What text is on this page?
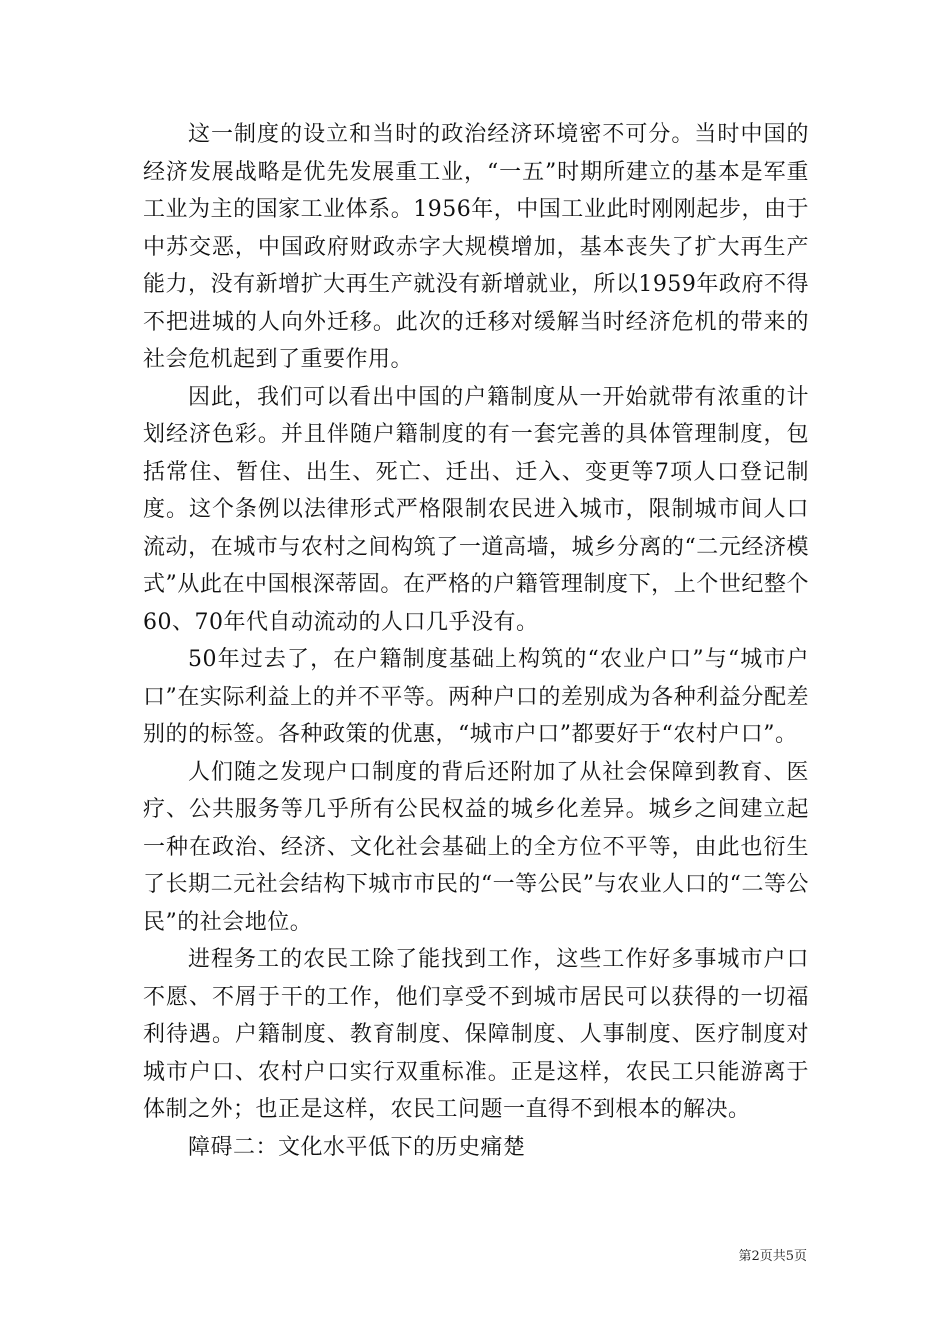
这一制度的设立和当时的政治经济环境密不可分。当时中国的经济发展战略是优先发展重工业，“一五”时期所建立的基本是军重工业为主的国家工业体系。1956年，中国工业此时刚刚起步，由于中苏交恶，中国政府财政赤字大规模增加，基本丧失了扩大再生产能力，没有新增扩大再生产就没有新增就业，所以1959年政府不得不把进城的人向外迁移。此次的迁移对缓解当时经济危机的带来的社会危机起到了重要作用。

因此，我们可以看出中国的户籍制度从一开始就带有浓重的计划经济色彩。并且伴随户籍制度的有一套完善的具体管理制度，包括常住、暂住、出生、死亡、迁出、迁入、变更等7项人口登记制度。这个条例以法律形式严格限制农民进入城市，限制城市间人口流动，在城市与农村之间构筑了一道高墙，城乡分离的“二元经济模式”从此在中国根深蒂固。在严格的户籍管理制度下，上个世纪整个60、70年代自动流动的人口几乎没有。

50年过去了，在户籍制度基础上构筑的“农业户口”与“城市户口”在实际利益上的并不平等。两种户口的差别成为各种利益分配差别的的标签。各种政策的优惠，“城市户口”都要好于“农村户口”。

人们随之发现户口制度的背后还附加了从社会保障到教育、医疗、公共服务等几乎所有公民权益的城乡化差异。城乡之间建立起一种在政治、经济、文化社会基础上的全方位不平等，由此也衍生了长期二元社会结构下城市市民的“一等公民”与农业人口的“二等公民”的社会地位。

进程务工的农民工除了能找到工作，这些工作好多事城市户口不愿、不屑于干的工作，他们享受不到城市居民可以获得的一切福利待遇。户籍制度、教育制度、保障制度、人事制度、医疗制度对城市户口、农村户口实行双重标准。正是这样，农民工只能游离于体制之外；也正是这样，农民工问题一直得不到根本的解决。

障碍二：文化水平低下的历史痛楚

第2页共5页
